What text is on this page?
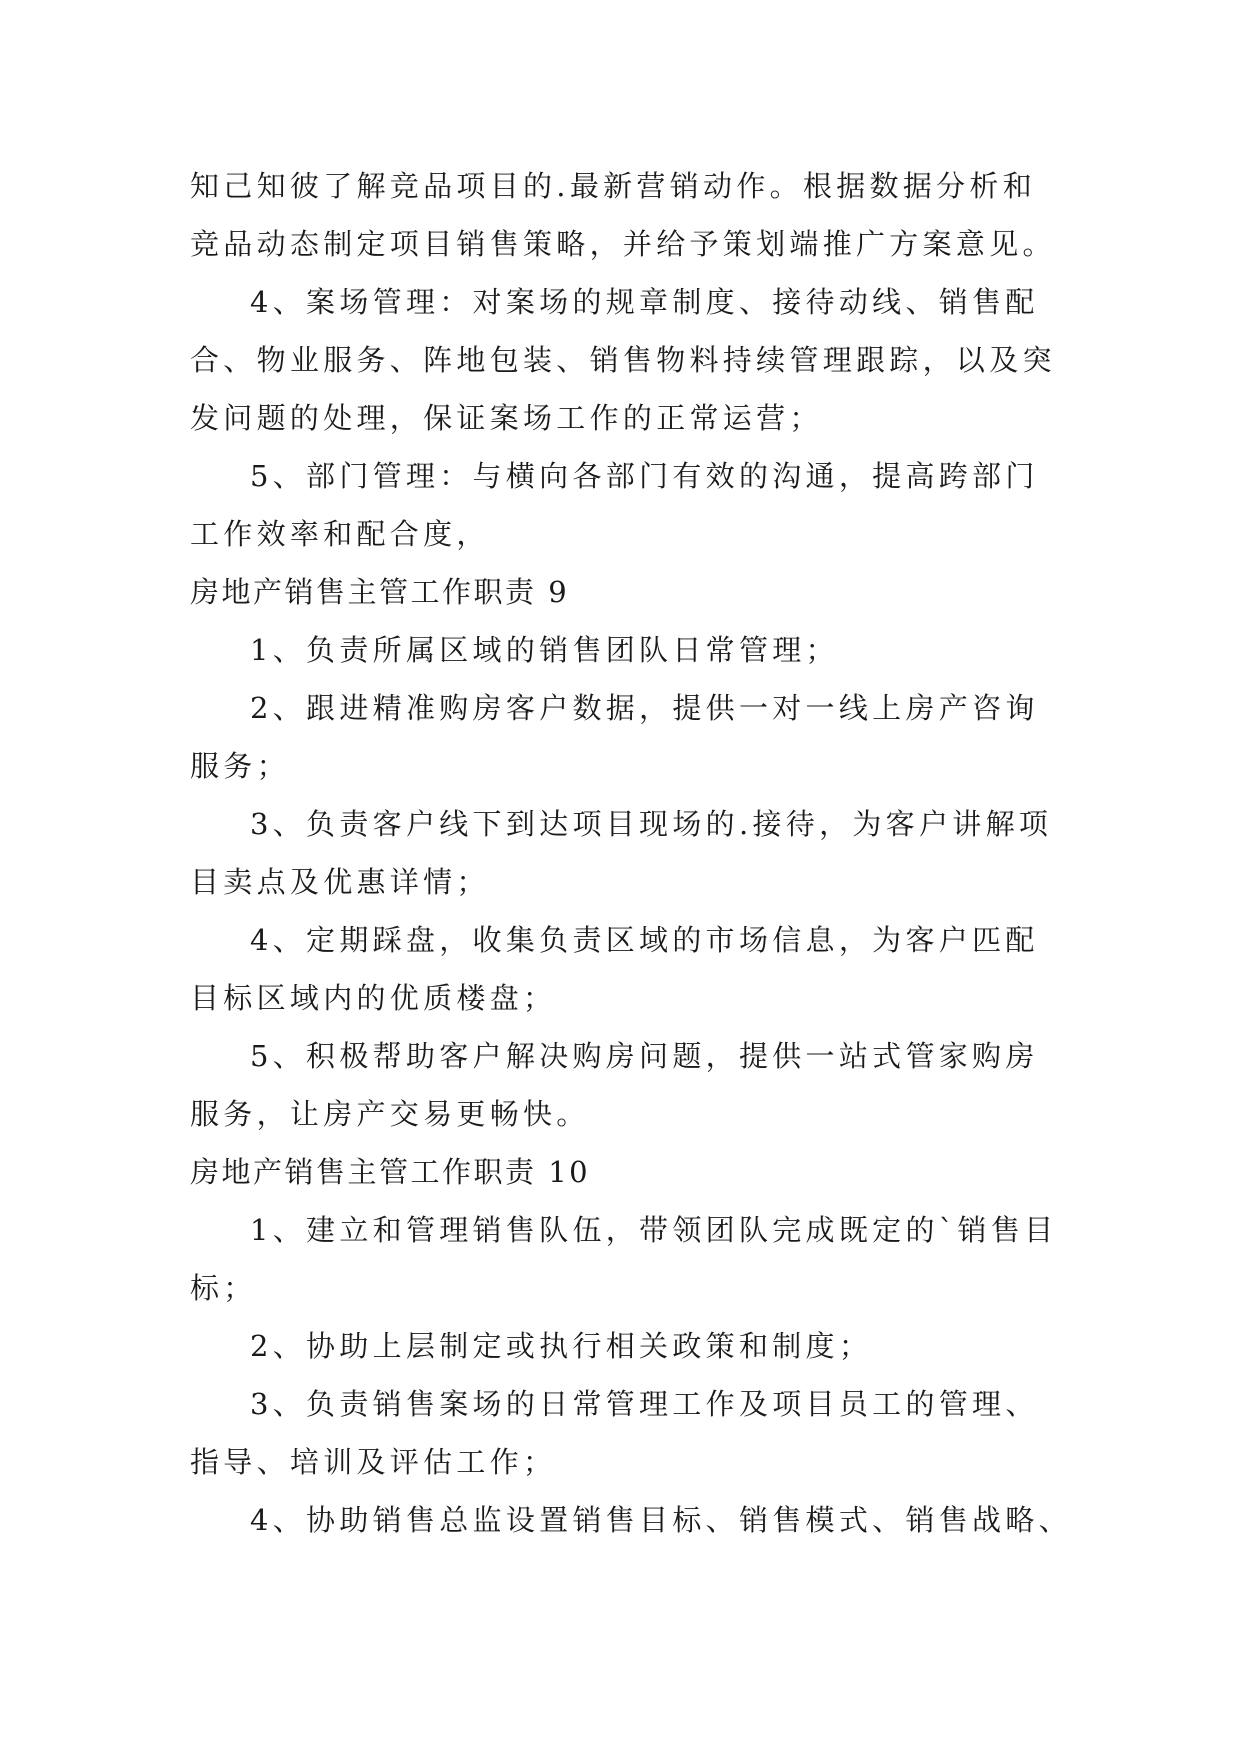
知己知彼了解竞品项目的.最新营销动作。根据数据分析和
竞品动态制定项目销售策略，并给予策划端推广方案意见。
4、案场管理：对案场的规章制度、接待动线、销售配
合、物业服务、阵地包装、销售物料持续管理跟踪，以及突
发问题的处理，保证案场工作的正常运营；
5、部门管理：与横向各部门有效的沟通，提高跨部门
工作效率和配合度，
房地产销售主管工作职责 9
1、负责所属区域的销售团队日常管理；
2、跟进精准购房客户数据，提供一对一线上房产咨询
服务；
3、负责客户线下到达项目现场的.接待，为客户讲解项
目卖点及优惠详情；
4、定期踩盘，收集负责区域的市场信息，为客户匹配
目标区域内的优质楼盘；
5、积极帮助客户解决购房问题，提供一站式管家购房
服务，让房产交易更畅快。
房地产销售主管工作职责 10
1、建立和管理销售队伍，带领团队完成既定的`销售目
标；
2、协助上层制定或执行相关政策和制度；
3、负责销售案场的日常管理工作及项目员工的管理、
指导、培训及评估工作；
4、协助销售总监设置销售目标、销售模式、销售战略、
